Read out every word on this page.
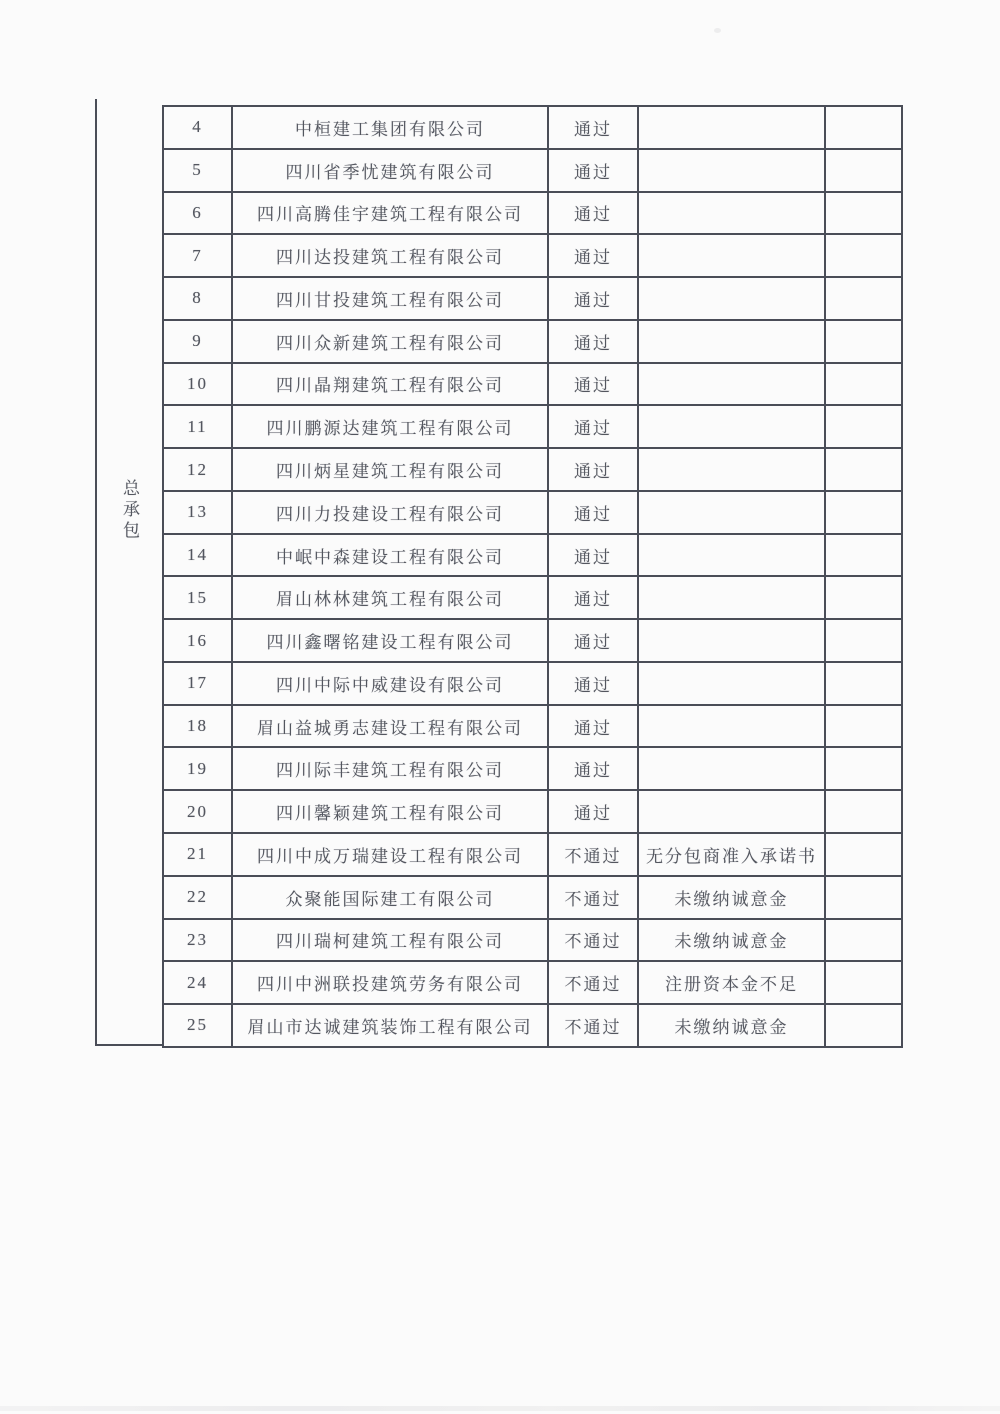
总承包
4	中桓建工集团有限公司	通过		
5	四川省季忧建筑有限公司	通过		
6	四川高腾佳宇建筑工程有限公司	通过		
7	四川达投建筑工程有限公司	通过		
8	四川甘投建筑工程有限公司	通过		
9	四川众新建筑工程有限公司	通过		
10	四川晶翔建筑工程有限公司	通过		
11	四川鹏源达建筑工程有限公司	通过		
12	四川炳星建筑工程有限公司	通过		
13	四川力投建设工程有限公司	通过		
14	中岷中森建设工程有限公司	通过		
15	眉山林林建筑工程有限公司	通过		
16	四川鑫曙铭建设工程有限公司	通过		
17	四川中际中威建设有限公司	通过		
18	眉山益城勇志建设工程有限公司	通过		
19	四川际丰建筑工程有限公司	通过		
20	四川馨颖建筑工程有限公司	通过		
21	四川中成万瑞建设工程有限公司	不通过	无分包商准入承诺书	
22	众聚能国际建工有限公司	不通过	未缴纳诚意金	
23	四川瑞柯建筑工程有限公司	不通过	未缴纳诚意金	
24	四川中洲联投建筑劳务有限公司	不通过	注册资本金不足	
25	眉山市达诚建筑装饰工程有限公司	不通过	未缴纳诚意金	
